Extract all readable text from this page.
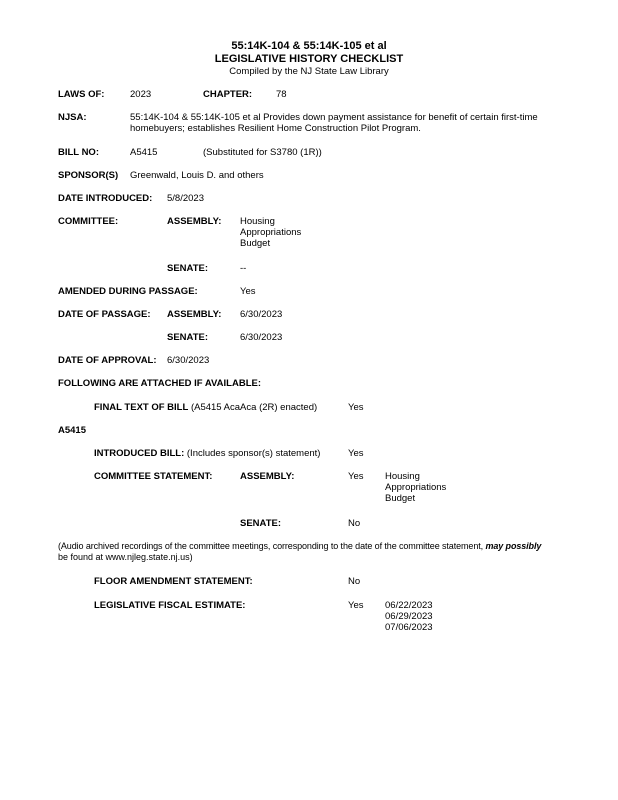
55:14K-104 & 55:14K-105 et al
LEGISLATIVE HISTORY CHECKLIST
Compiled by the NJ State Law Library
LAWS OF:	2023	CHAPTER:	78
NJSA:	55:14K-104 & 55:14K-105 et al Provides down payment assistance for benefit of certain first-time
homebuyers; establishes Resilient Home Construction Pilot Program.
BILL NO:	A5415	(Substituted for S3780 (1R))
SPONSOR(S) Greenwald, Louis D. and others
DATE INTRODUCED: 5/8/2023
COMMITTEE:	ASSEMBLY: Housing
Appropriations
Budget
SENATE:	--
AMENDED DURING PASSAGE:	Yes
DATE OF PASSAGE: ASSEMBLY: 6/30/2023
SENATE:	6/30/2023
DATE OF APPROVAL: 6/30/2023
FOLLOWING ARE ATTACHED IF AVAILABLE:
FINAL TEXT OF BILL (A5415 AcaAca (2R) enacted)	Yes
A5415
INTRODUCED BILL: (Includes sponsor(s) statement)	Yes
COMMITTEE STATEMENT:	ASSEMBLY:	Yes Housing
Appropriations
Budget
SENATE:	No
(Audio archived recordings of the committee meetings, corresponding to the date of the committee statement, may possibly
be found at www.njleg.state.nj.us)
FLOOR AMENDMENT STATEMENT:	No
LEGISLATIVE FISCAL ESTIMATE:	Yes 06/22/2023
06/29/2023
07/06/2023
